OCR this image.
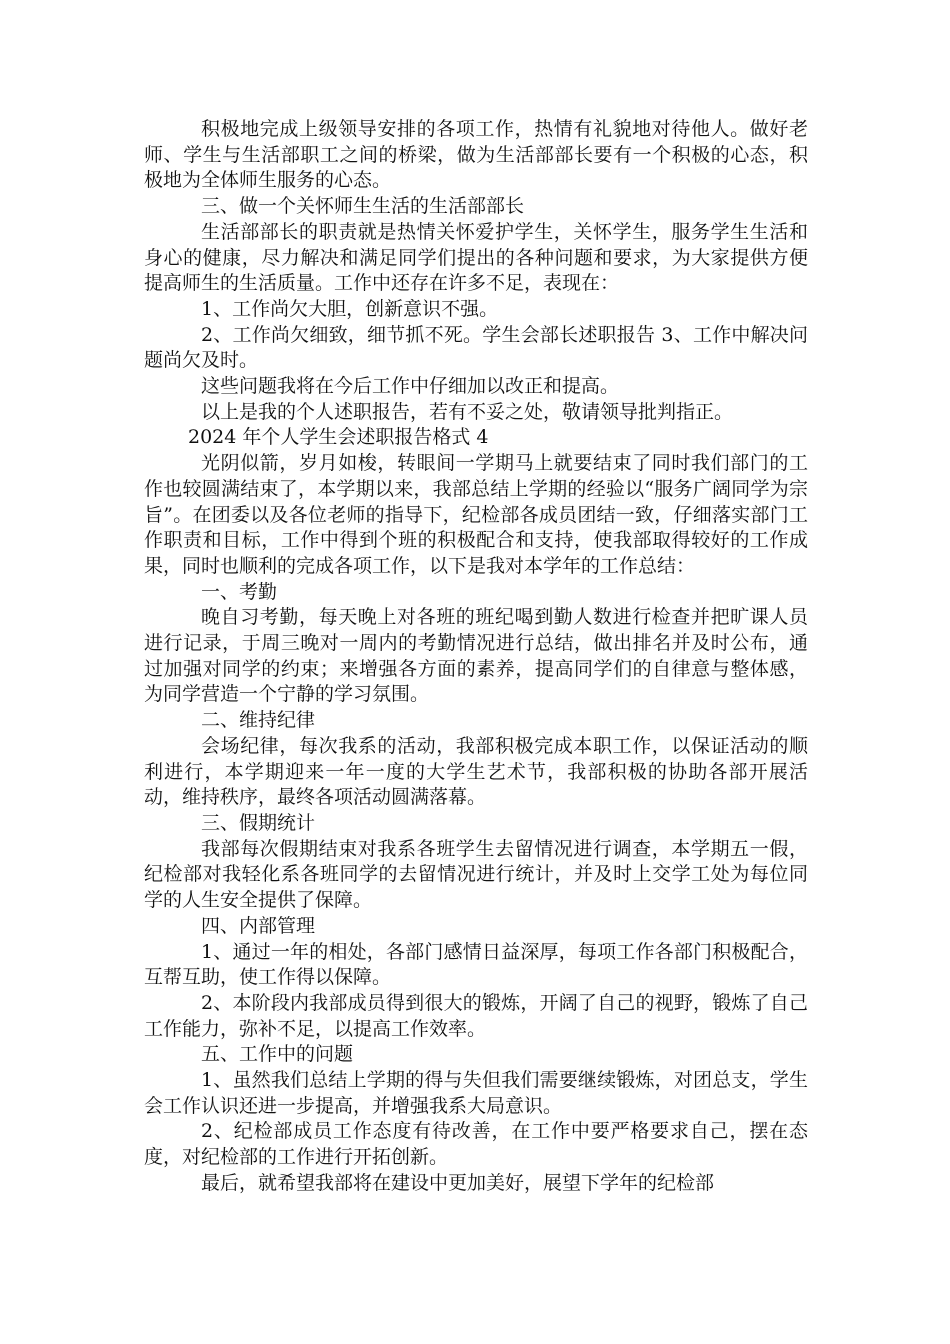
积极地完成上级领导安排的各项工作，热情有礼貌地对待他人。做好老师、学生与生活部职工之间的桥梁，做为生活部部长要有一个积极的心态，积极地为全体师生服务的心态。

三、做一个关怀师生生活的生活部部长

生活部部长的职责就是热情关怀爱护学生，关怀学生，服务学生生活和身心的健康，尽力解决和满足同学们提出的各种问题和要求，为大家提供方便提高师生的生活质量。工作中还存在许多不足，表现在：

1、工作尚欠大胆，创新意识不强。

2、工作尚欠细致，细节抓不死。学生会部长述职报告 3、工作中解决问题尚欠及时。

这些问题我将在今后工作中仔细加以改正和提高。

以上是我的个人述职报告，若有不妥之处，敬请领导批判指正。

2024 年个人学生会述职报告格式 4

光阴似箭，岁月如梭，转眼间一学期马上就要结束了同时我们部门的工作也较圆满结束了，本学期以来，我部总结上学期的经验以“服务广阔同学为宗旨”。在团委以及各位老师的指导下，纪检部各成员团结一致，仔细落实部门工作职责和目标，工作中得到个班的积极配合和支持，使我部取得较好的工作成果，同时也顺利的完成各项工作，以下是我对本学年的工作总结：

一、考勤

晚自习考勤，每天晚上对各班的班纪喝到勤人数进行检查并把旷课人员进行记录，于周三晚对一周内的考勤情况进行总结，做出排名并及时公布，通过加强对同学的约束；来增强各方面的素养，提高同学们的自律意与整体感，为同学营造一个宁静的学习氛围。

二、维持纪律

会场纪律，每次我系的活动，我部积极完成本职工作，以保证活动的顺利进行，本学期迎来一年一度的大学生艺术节，我部积极的协助各部开展活动，维持秩序，最终各项活动圆满落幕。

三、假期统计

我部每次假期结束对我系各班学生去留情况进行调查，本学期五一假，纪检部对我轻化系各班同学的去留情况进行统计，并及时上交学工处为每位同学的人生安全提供了保障。

四、内部管理

1、通过一年的相处，各部门感情日益深厚，每项工作各部门积极配合，互帮互助，使工作得以保障。

2、本阶段内我部成员得到很大的锻炼，开阔了自己的视野，锻炼了自己工作能力，弥补不足，以提高工作效率。

五、工作中的问题

1、虽然我们总结上学期的得与失但我们需要继续锻炼，对团总支，学生会工作认识还进一步提高，并增强我系大局意识。

2、纪检部成员工作态度有待改善，在工作中要严格要求自己，摆在态度，对纪检部的工作进行开拓创新。

最后，就希望我部将在建设中更加美好，展望下学年的纪检部
